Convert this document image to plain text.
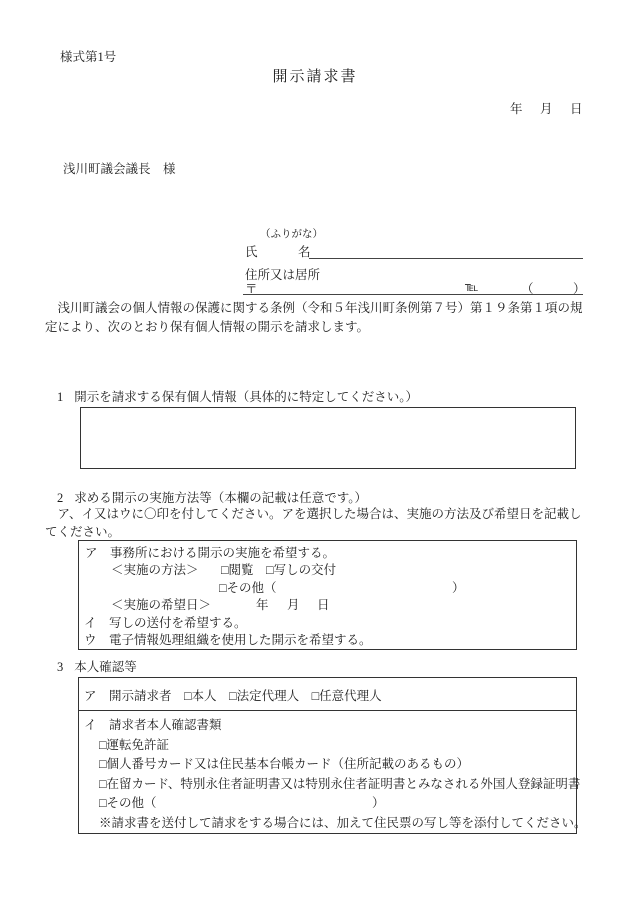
様式第1号
開示請求書
年 月 日
浅川町議会議長　様
（ふりがな）
氏	名
住所又は居所
〒	℡	（	）
　浅川町議会の個人情報の保護に関する条例（令和５年浅川町条例第７号）第１９条第１項の規
定により、次のとおり保有個人情報の開示を請求します。
1 開示を請求する保有個人情報（具体的に特定してください。）
2 求める開示の実施方法等（本欄の記載は任意です。）
　ア、イ又はウに〇印を付してください。アを選択した場合は、実施の方法及び希望日を記載し
てください。
ア　事務所における開示の実施を希望する。
＜実施の方法＞ □閲覧　□写しの交付
□その他（	）
＜実施の希望日＞	年 月 日
イ　写しの送付を希望する。
ウ　電子情報処理組織を使用した開示を希望する。
3 本人確認等
ア　開示請求者　□本人　□法定代理人　□任意代理人
イ　請求者本人確認書類
□運転免許証
□個人番号カード又は住民基本台帳カード（住所記載のあるもの）
□在留カード、特別永住者証明書又は特別永住者証明書とみなされる外国人登録証明書
□その他（	）
※請求書を送付して請求をする場合には、加えて住民票の写し等を添付してください。
